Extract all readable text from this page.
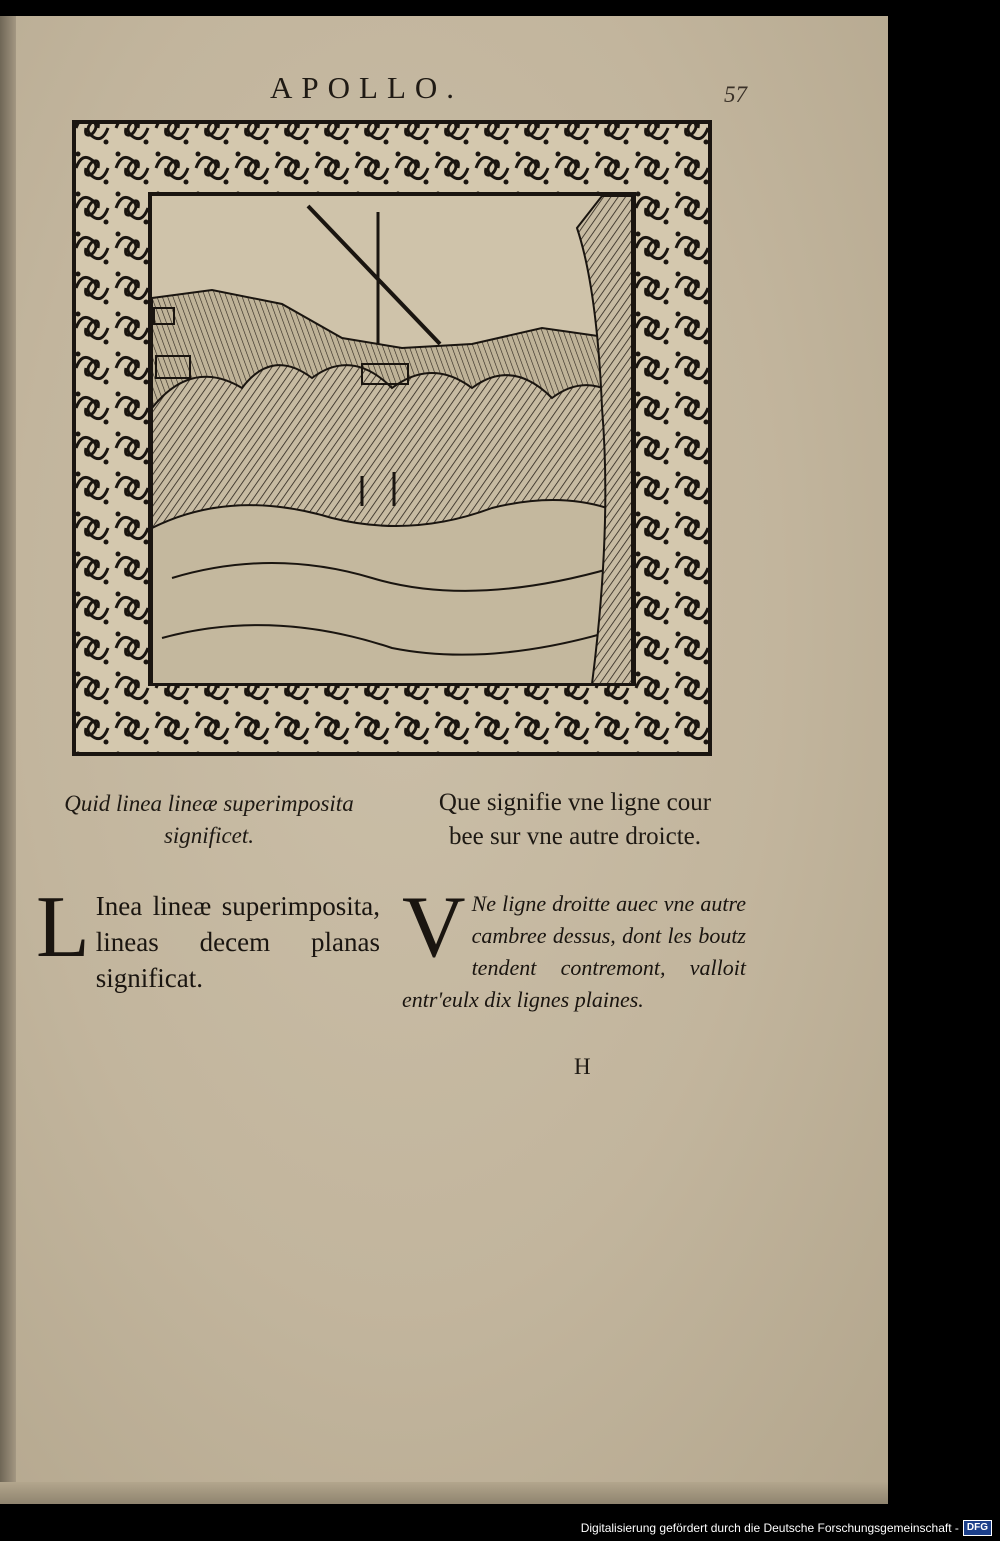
APOLLO.	57
Quid linea lineæ superimposita
significet.
Que signifie vne ligne cour
bee sur vne autre droicte.
L Inea lineæ superimposita, lineas decem planas significat.
V Ne ligne droitte auec vne autre cambree dessus, dont les boutz tendent contremont, valloit entr'eulx dix lignes plaines.
H
Digitalisierung gefördert durch die Deutsche Forschungsgemeinschaft - DFG
